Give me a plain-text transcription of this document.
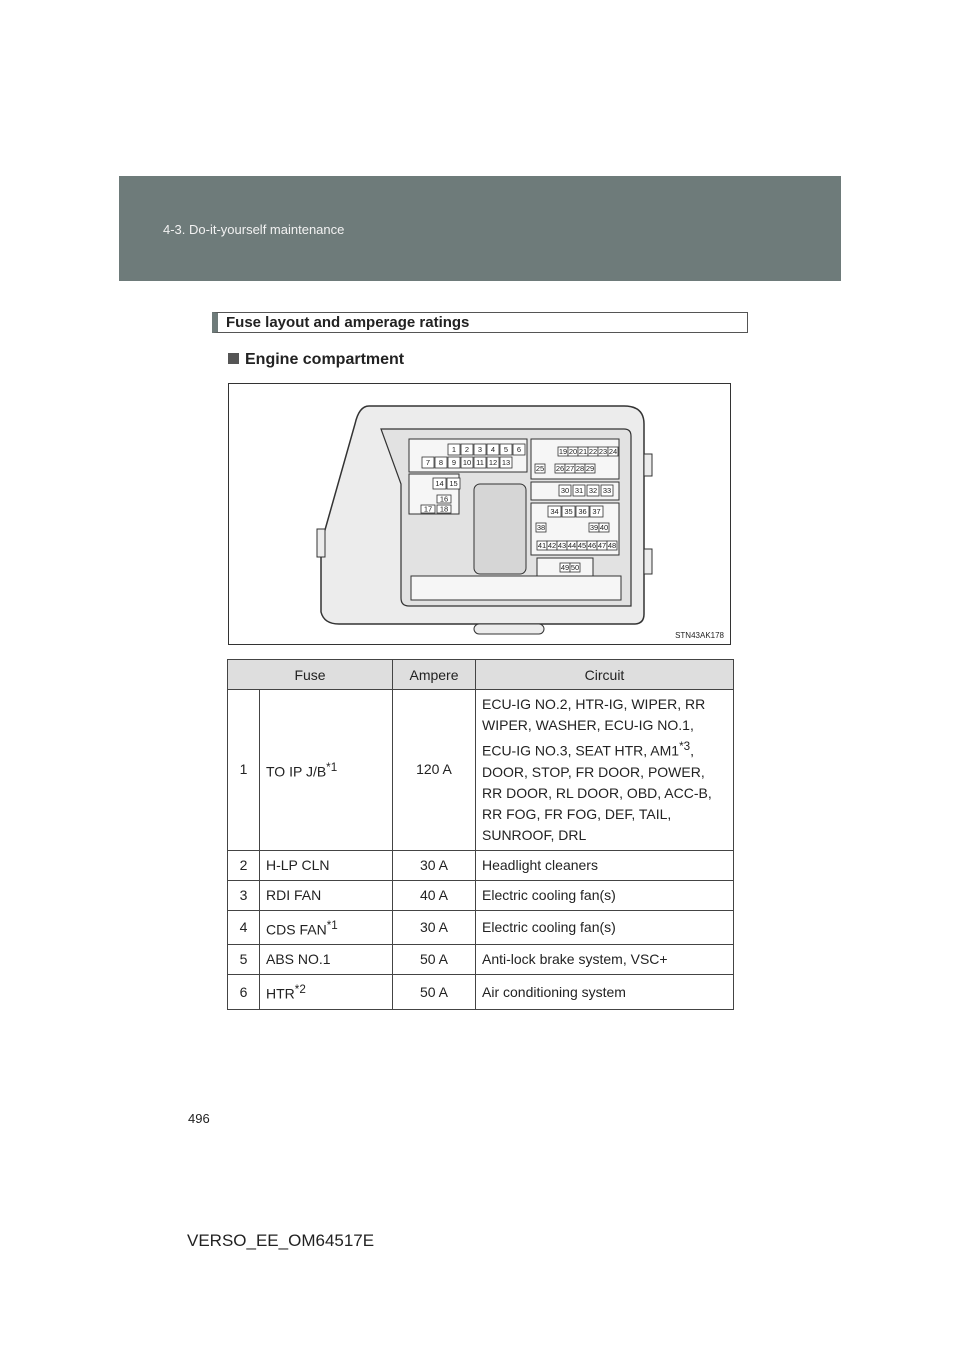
4-3. Do-it-yourself maintenance
Fuse layout and amperage ratings
Engine compartment
1 2 3 4 5 6
7 8 9 10 11 12 13
14 15
16
17 18
19 20 21 22 23 24
25 26 27 28 29
30 31 32 33
34 35 36 37
38	39 40
41 42 43 44 45 46 47 48
49 50
STN43AK178
Fuse		Ampere	Circuit
1	TO IP $J/B^{*1}$	120 A	ECU-IG NO.2, HTR-IG, WIPER, RR WIPER, WASHER, ECU-IG NO.1, ECU-IG NO.3, SEAT HTR, AM1$^{*3}$, DOOR, STOP, FR DOOR, POWER, RR DOOR, RL DOOR, OBD, ACC-B, RR FOG, FR FOG, DEF, TAIL, SUNROOF, DRL
2	H-LP CLN	30 A	Headlight cleaners
3	RDI FAN	40 A	Electric cooling fan(s)
4	CDS FAN$^{*1}$	30 A	Electric cooling fan(s)
5	ABS NO.1	50 A	Anti-lock brake system, VSC+
6	HTR$^{*2}$	50 A	Air conditioning system
496
VERSO_EE_OM64517E
